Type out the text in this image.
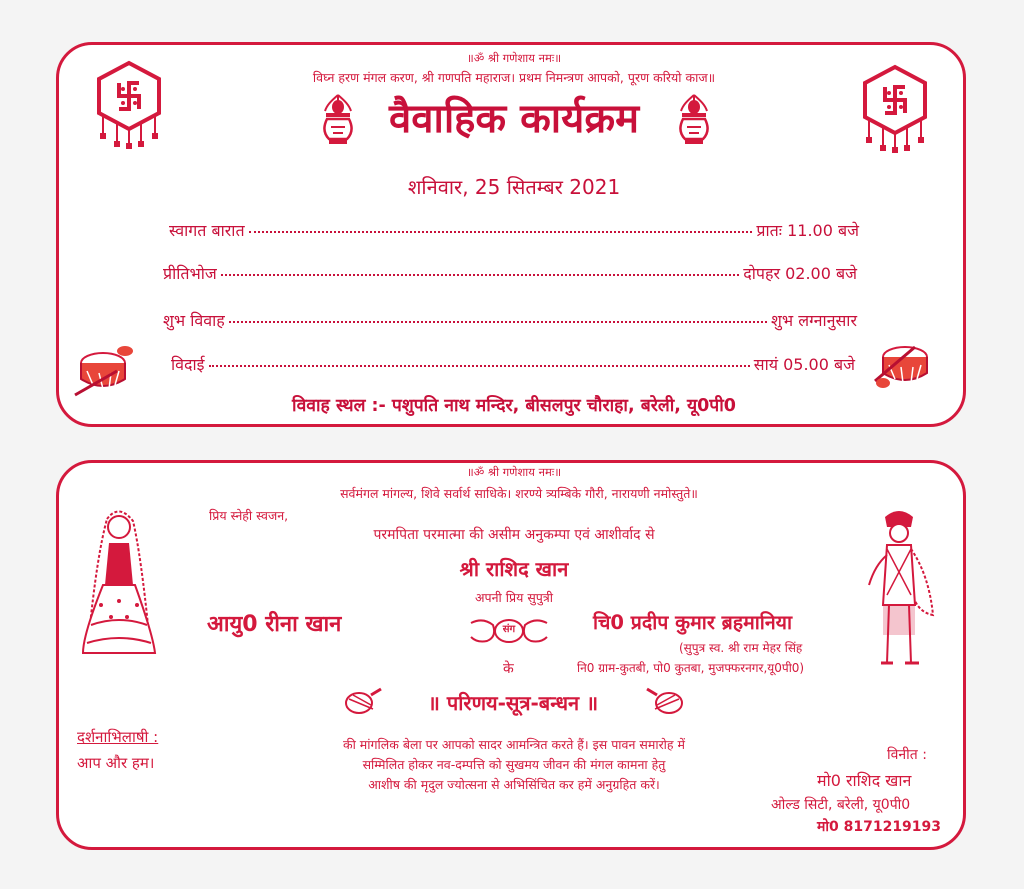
॥ॐ श्री गणेशाय नमः॥
विघ्न हरण मंगल करण, श्री गणपति महाराज। प्रथम निमन्त्रण आपको, पूरण करियो काज॥
वैवाहिक कार्यक्रम
शनिवार, 25 सितम्बर 2021
स्वागत बारात	प्रातः 11.00 बजे
प्रीतिभोज	दोपहर 02.00 बजे
शुभ विवाह	शुभ लग्नानुसार
विदाई	सायं 05.00 बजे
विवाह स्थल :- पशुपति नाथ मन्दिर, बीसलपुर चौराहा, बरेली, यू0पी0
॥ॐ श्री गणेशाय नमः॥
सर्वमंगल मांगल्य, शिवे सर्वार्थ साधिके। शरण्ये त्र्यम्बिके गौरी, नारायणी नमोस्तुते॥
प्रिय स्नेही स्वजन,
परमपिता परमात्मा की असीम अनुकम्पा एवं आशीर्वाद से
श्री राशिद खान
अपनी प्रिय सुपुत्री
आयु0 रीना खान	संग	चि0 प्रदीप कुमार ब्रहमानिया
(सुपुत्र स्व. श्री राम मेहर सिंह
नि0 ग्राम-कुतबी, पो0 कुतबा, मुजफ्फरनगर,यू0पी0)
के
॥ परिणय-सूत्र-बन्धन ॥
दर्शनाभिलाषी :
आप और हम।
की मांगलिक बेला पर आपको सादर आमन्त्रित करते हैं। इस पावन समारोह में
सम्मिलित होकर नव-दम्पत्ति को सुखमय जीवन की मंगल कामना हेतु
आशीष की मृदुल ज्योत्सना से अभिसिंचित कर हमें अनुग्रहित करें।
विनीत :
मो0 राशिद खान
ओल्ड सिटी, बरेली, यू0पी0
मो0 8171219193
